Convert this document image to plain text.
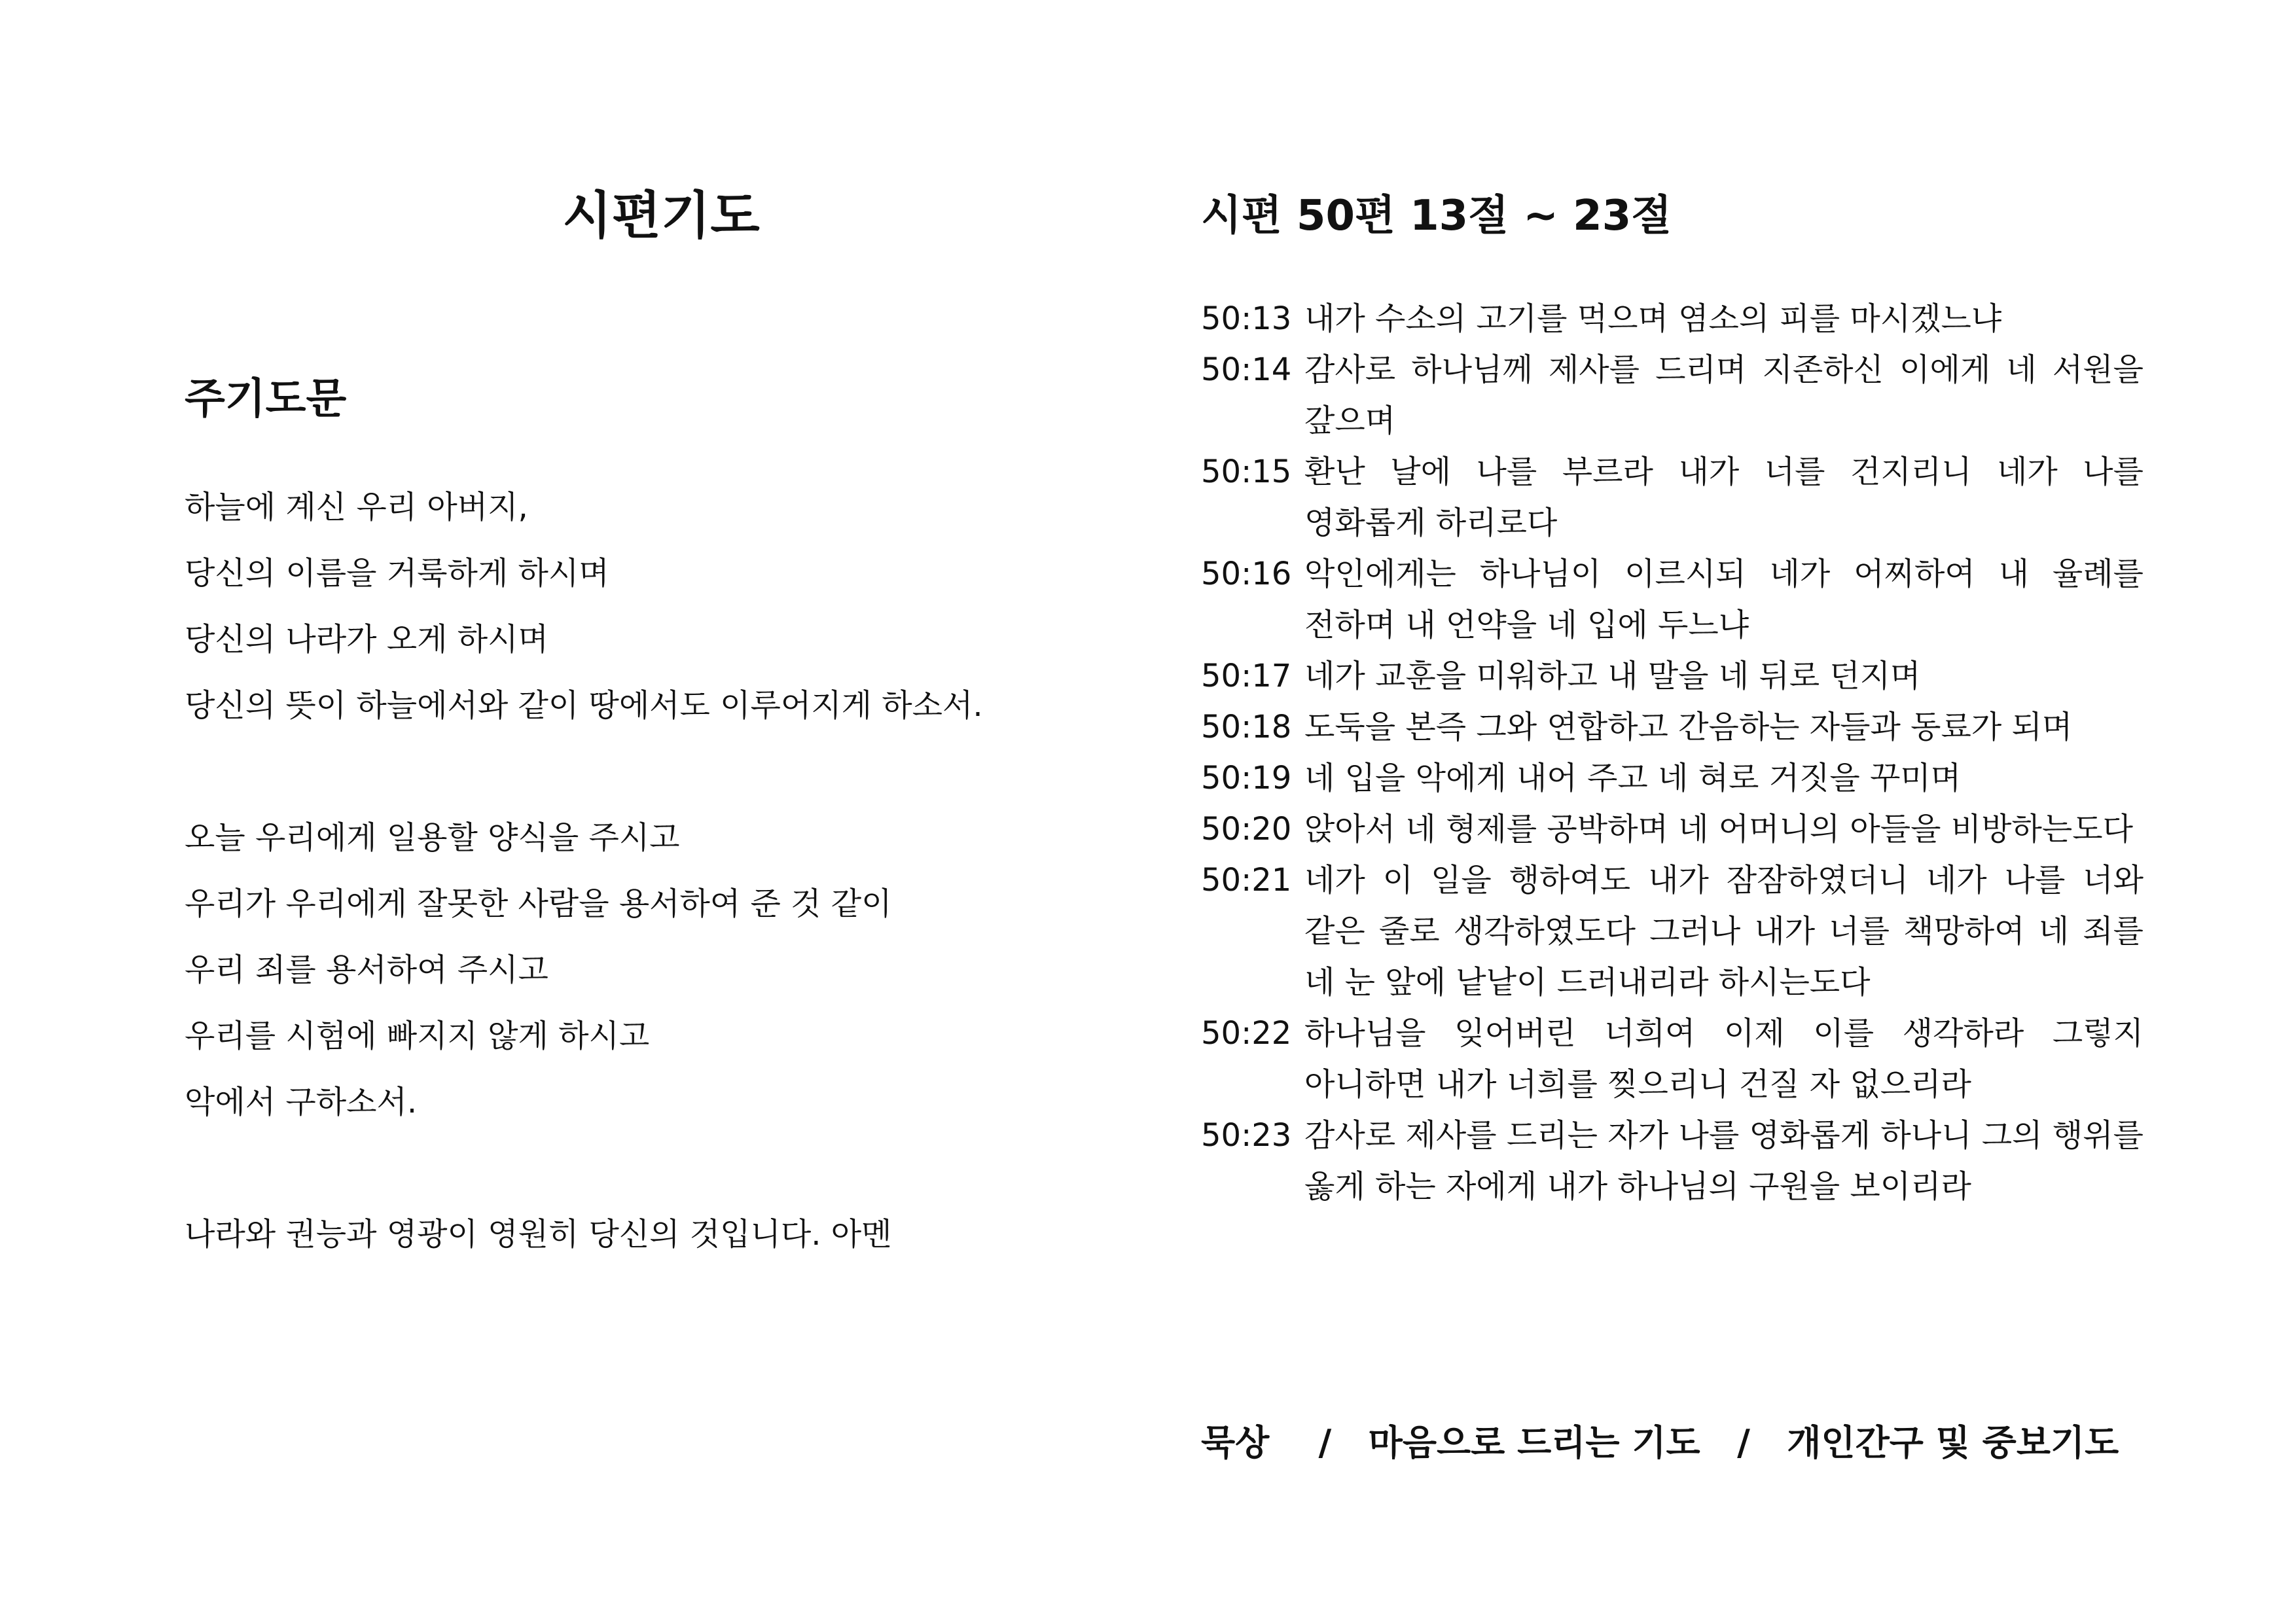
시편기도
주기도문
하늘에 계신 우리 아버지,
당신의 이름을 거룩하게 하시며
당신의 나라가 오게 하시며
당신의 뜻이 하늘에서와 같이 땅에서도 이루어지게 하소서.
오늘 우리에게 일용할 양식을 주시고
우리가 우리에게 잘못한 사람을 용서하여 준 것 같이
우리 죄를 용서하여 주시고
우리를 시험에 빠지지 않게 하시고
악에서 구하소서.
나라와 권능과 영광이 영원히 당신의 것입니다. 아멘
시편 50편 13절 ~ 23절
50:13 내가 수소의 고기를 먹으며 염소의 피를 마시겠느냐
50:14 감사로 하나님께 제사를 드리며 지존하신 이에게 네 서원을 갚으며
50:15 환난 날에 나를 부르라 내가 너를 건지리니 네가 나를 영화롭게 하리로다
50:16 악인에게는 하나님이 이르시되 네가 어찌하여 내 율례를 전하며 내 언약을 네 입에 두느냐
50:17 네가 교훈을 미워하고 내 말을 네 뒤로 던지며
50:18 도둑을 본즉 그와 연합하고 간음하는 자들과 동료가 되며
50:19 네 입을 악에게 내어 주고 네 혀로 거짓을 꾸미며
50:20 앉아서 네 형제를 공박하며 네 어머니의 아들을 비방하는도다
50:21 네가 이 일을 행하여도 내가 잠잠하였더니 네가 나를 너와 같은 줄로 생각하였도다 그러나 내가 너를 책망하여 네 죄를 네 눈 앞에 낱낱이 드러내리라 하시는도다
50:22 하나님을 잊어버린 너희여 이제 이를 생각하라 그렇지 아니하면 내가 너희를 찢으리니 건질 자 없으리라
50:23 감사로 제사를 드리는 자가 나를 영화롭게 하나니 그의 행위를 옳게 하는 자에게 내가 하나님의 구원을 보이리라
묵상    /   마음으로 드리는 기도   /   개인간구 및 중보기도
